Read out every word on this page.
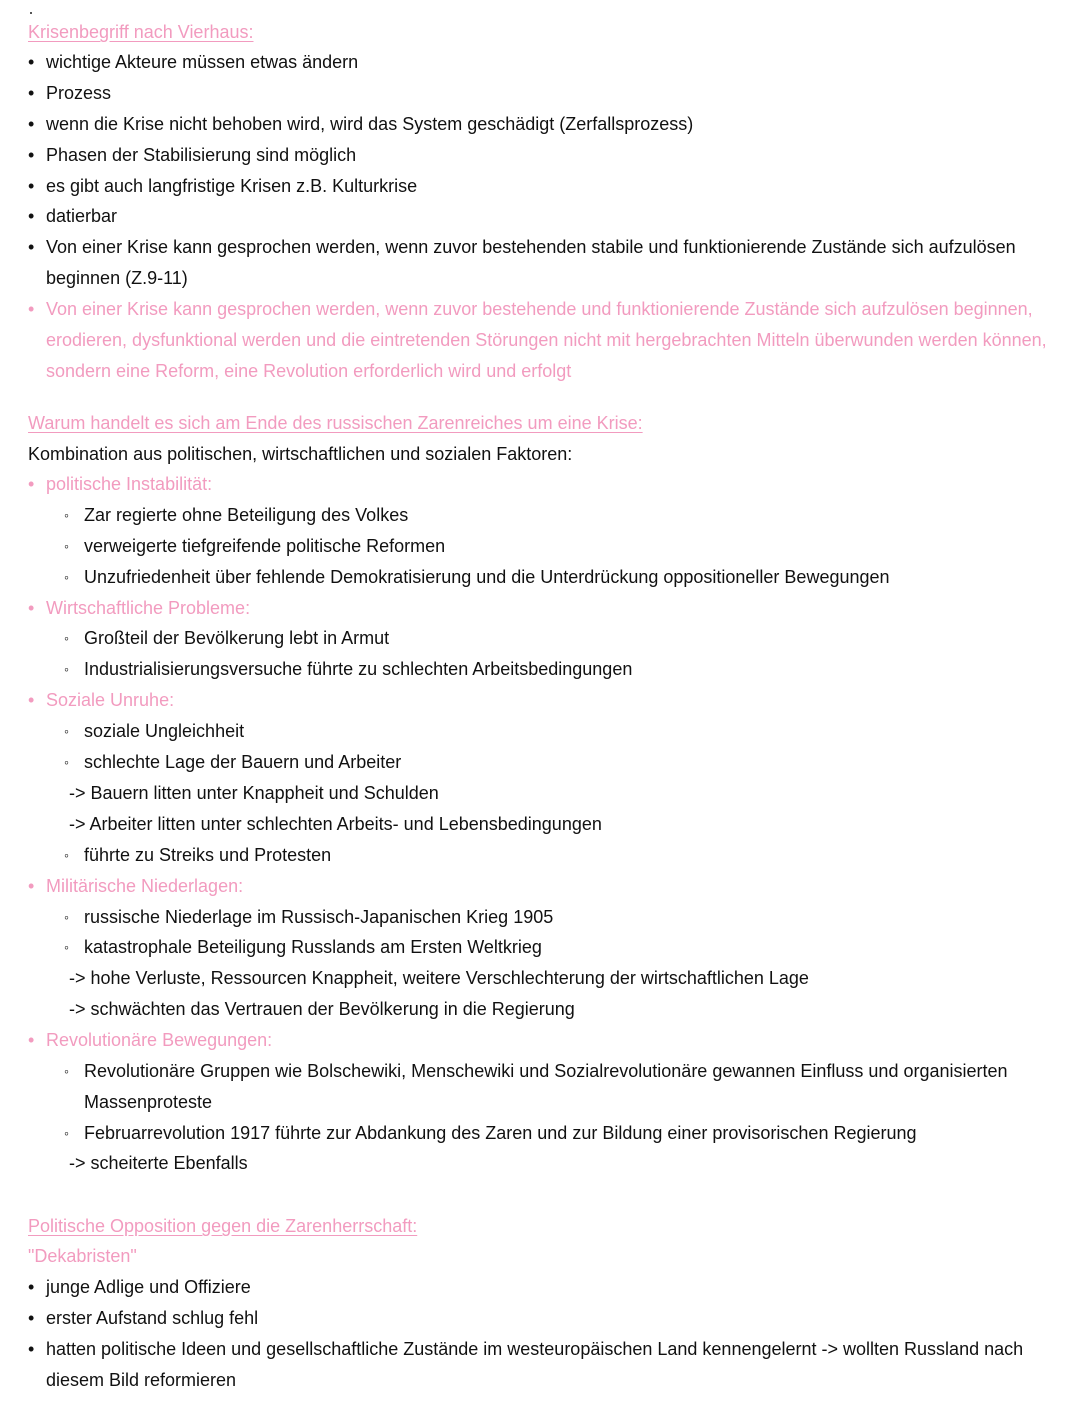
Krisenbegriff nach Vierhaus:
• wichtige Akteure müssen etwas ändern
• Prozess
• wenn die Krise nicht behoben wird, wird das System geschädigt (Zerfallsprozess)
• Phasen der Stabilisierung sind möglich
• es gibt auch langfristige Krisen z.B. Kulturkrise
• datierbar
• Von einer Krise kann gesprochen werden, wenn zuvor bestehenden stabile und funktionierende Zustände sich aufzulösen
beginnen (Z.9-11)
• Von einer Krise kann gesprochen werden, wenn zuvor bestehende und funktionierende Zustände sich aufzulösen beginnen,
erodieren, dysfunktional werden und die eintretenden Störungen nicht mit hergebrachten Mitteln überwunden werden können,
sondern eine Reform, eine Revolution erforderlich wird und erfolgt
Warum handelt es sich am Ende des russischen Zarenreiches um eine Krise:
Kombination aus politischen, wirtschaftlichen und sozialen Faktoren:
• politische Instabilität:
◦ Zar regierte ohne Beteiligung des Volkes
◦ verweigerte tiefgreifende politische Reformen
◦ Unzufriedenheit über fehlende Demokratisierung und die Unterdrückung oppositioneller Bewegungen
• Wirtschaftliche Probleme:
◦ Großteil der Bevölkerung lebt in Armut
◦ Industrialisierungsversuche führte zu schlechten Arbeitsbedingungen
• Soziale Unruhe:
◦ soziale Ungleichheit
◦ schlechte Lage der Bauern und Arbeiter
-> Bauern litten unter Knappheit und Schulden
-> Arbeiter litten unter schlechten Arbeits- und Lebensbedingungen
◦ führte zu Streiks und Protesten
• Militärische Niederlagen:
◦ russische Niederlage im Russisch-Japanischen Krieg 1905
◦ katastrophale Beteiligung Russlands am Ersten Weltkrieg
-> hohe Verluste, Ressourcen Knappheit, weitere Verschlechterung der wirtschaftlichen Lage
-> schwächten das Vertrauen der Bevölkerung in die Regierung
• Revolutionäre Bewegungen:
◦ Revolutionäre Gruppen wie Bolschewiki, Menschewiki und Sozialrevolutionäre gewannen Einfluss und organisierten
Massenproteste
◦ Februarrevolution 1917 führte zur Abdankung des Zaren und zur Bildung einer provisorischen Regierung
-> scheiterte Ebenfalls
Politische Opposition gegen die Zarenherrschaft:
"Dekabristen"
• junge Adlige und Offiziere
• erster Aufstand schlug fehl
• hatten politische Ideen und gesellschaftliche Zustände im westeuropäischen Land kennengelernt -> wollten Russland nach
diesem Bild reformieren
